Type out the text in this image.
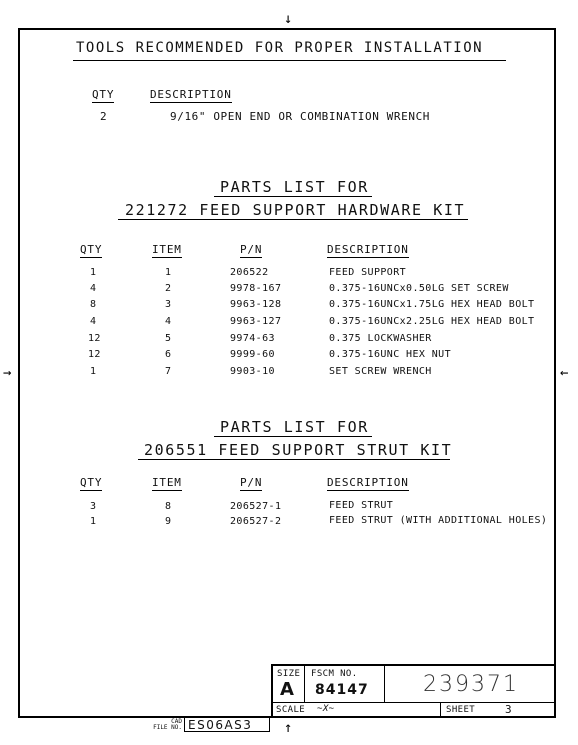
↓
↑
→	←
TOOLS RECOMMENDED FOR PROPER INSTALLATION
QTY	DESCRIPTION
2	9/16" OPEN END OR COMBINATION WRENCH
PARTS LIST FOR
221272 FEED SUPPORT HARDWARE KIT
QTY	ITEM	P/N	DESCRIPTION
1	1	206522	FEED SUPPORT
4	2	9978-167	0.375-16UNCx0.50LG SET SCREW
8	3	9963-128	0.375-16UNCx1.75LG HEX HEAD BOLT
4	4	9963-127	0.375-16UNCx2.25LG HEX HEAD BOLT
12	5	9974-63	0.375 LOCKWASHER
12	6	9999-60	0.375-16UNC HEX NUT
1	7	9903-10	SET SCREW WRENCH
PARTS LIST FOR
206551 FEED SUPPORT STRUT KIT
QTY	ITEM	P/N	DESCRIPTION
3	8	206527-1	FEED STRUT
1	9	206527-2	FEED STRUT (WITH ADDITIONAL HOLES)
SIZE
A
FSCM NO.
84147 239371
SCALE ~X~	SHEET	3
CAD
FILE NO. ES06AS3
